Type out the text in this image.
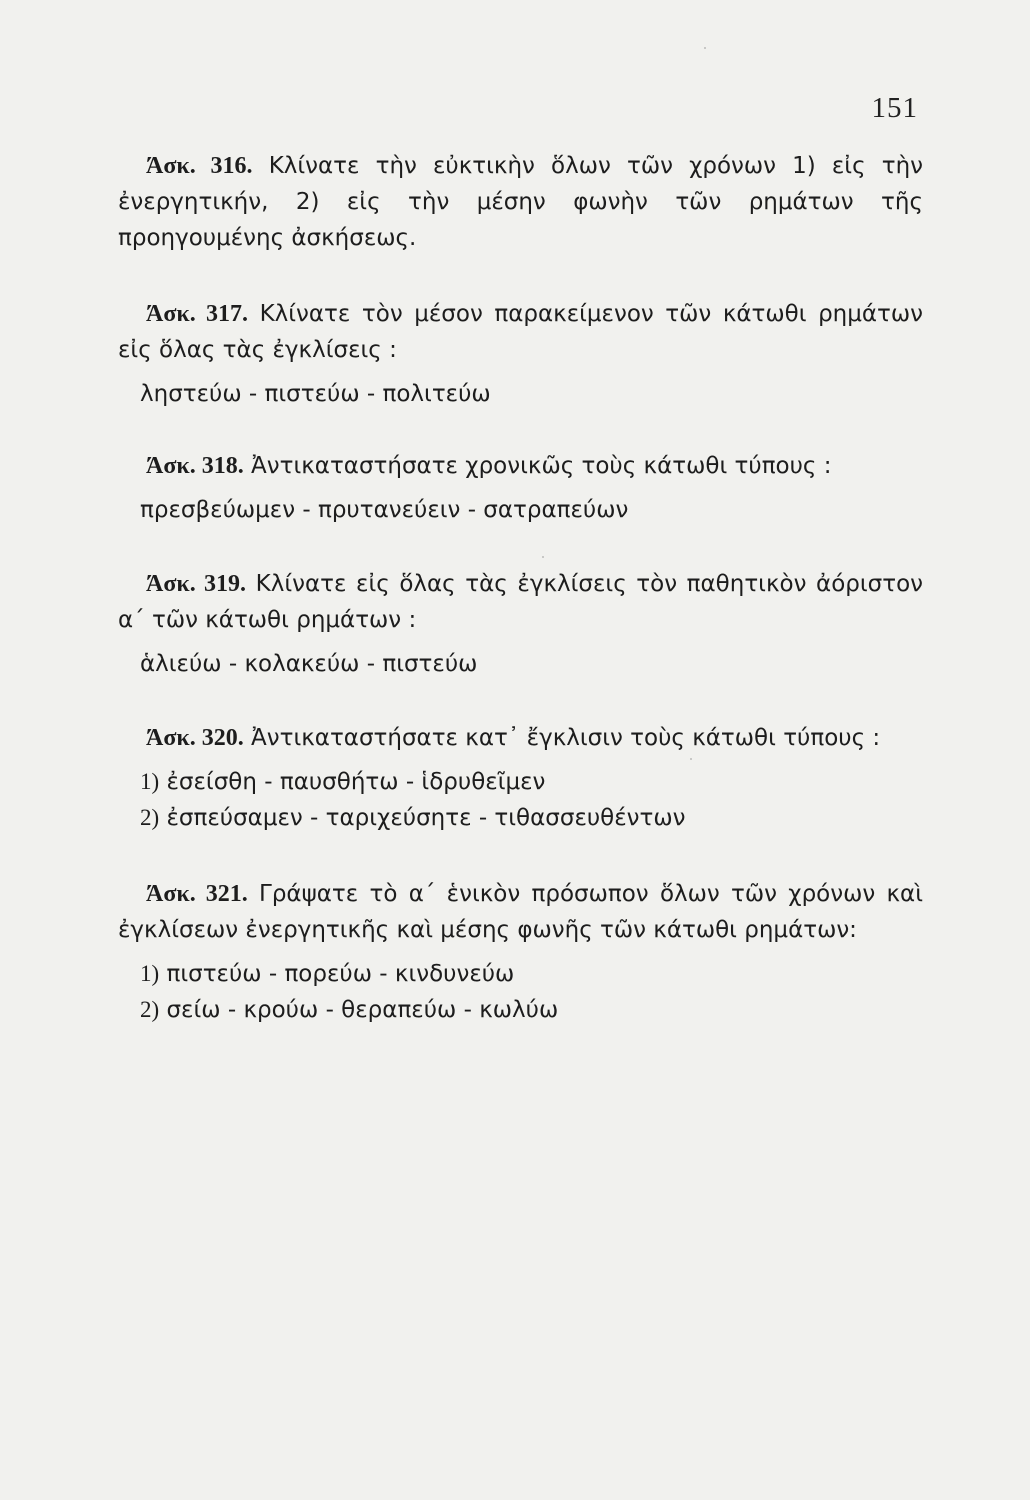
151

Άσκ. 316. Κλίνατε τὴν εὐκτικὴν ὅλων τῶν χρόνων 1) εἰς τὴν ἐνεργητικήν, 2) εἰς τὴν μέσην φωνὴν τῶν ρημάτων τῆς προηγουμένης ἀσκήσεως.

Άσκ. 317. Κλίνατε τὸν μέσον παρακείμενον τῶν κάτωθι ρημάτων εἰς ὅλας τὰς ἐγκλίσεις :

ληστεύω - πιστεύω - πολιτεύω

Άσκ. 318. Ἀντικαταστήσατε χρονικῶς τοὺς κάτωθι τύπους :

πρεσβεύωμεν - πρυτανεύειν - σατραπεύων

Άσκ. 319. Κλίνατε εἰς ὅλας τὰς ἐγκλίσεις τὸν παθητικὸν ἀόριστον α΄ τῶν κάτωθι ρημάτων :

ἁλιεύω - κολακεύω - πιστεύω

Άσκ. 320. Ἀντικαταστήσατε κατ᾿ ἔγκλισιν τοὺς κάτωθι τύπους :

1) ἐσείσθη - παυσθήτω - ἱδρυθεῖμεν

2) ἐσπεύσαμεν - ταριχεύσητε - τιθασσευθέντων

Άσκ. 321. Γράψατε τὸ α΄ ἑνικὸν πρόσωπον ὅλων τῶν χρόνων καὶ ἐγκλίσεων ἐνεργητικῆς καὶ μέσης φωνῆς τῶν κάτωθι ρημάτων:

1) πιστεύω - πορεύω - κινδυνεύω

2) σείω - κρούω - θεραπεύω - κωλύω
